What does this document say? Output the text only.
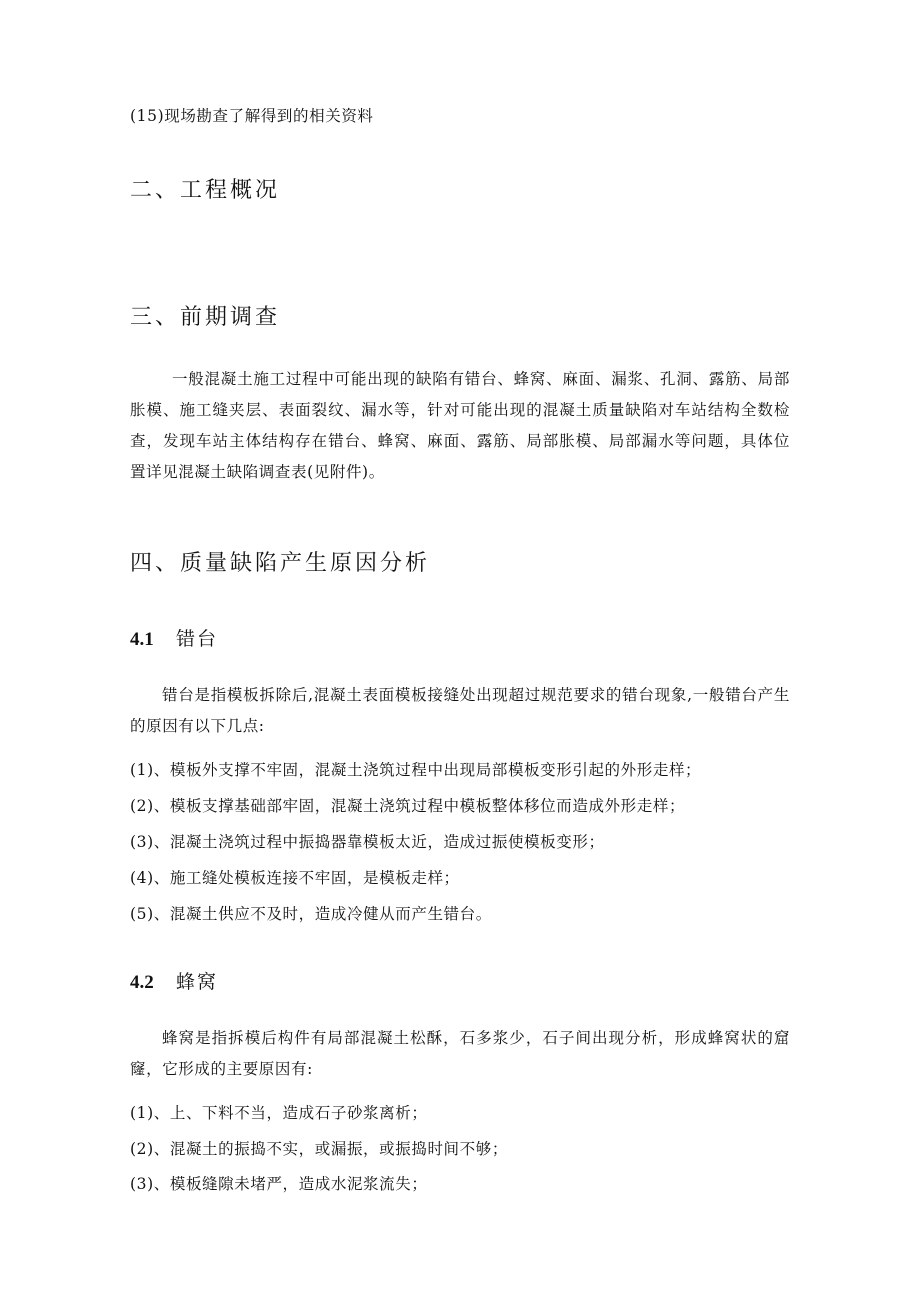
(15)现场勘查了解得到的相关资料
二、工程概况
三、前期调查
一般混凝土施工过程中可能出现的缺陷有错台、蜂窝、麻面、漏浆、孔洞、露筋、局部胀模、施工缝夹层、表面裂纹、漏水等，针对可能出现的混凝土质量缺陷对车站结构全数检查，发现车站主体结构存在错台、蜂窝、麻面、露筋、局部胀模、局部漏水等问题，具体位置详见混凝土缺陷调查表(见附件)。
四、质量缺陷产生原因分析
4.1 错台
错台是指模板拆除后,混凝土表面模板接缝处出现超过规范要求的错台现象,一般错台产生的原因有以下几点:
(1)、模板外支撑不牢固，混凝土浇筑过程中出现局部模板变形引起的外形走样；
(2)、模板支撑基础部牢固，混凝土浇筑过程中模板整体移位而造成外形走样；
(3)、混凝土浇筑过程中振捣器靠模板太近，造成过振使模板变形；
(4)、施工缝处模板连接不牢固，是模板走样；
(5)、混凝土供应不及时，造成冷健从而产生错台。
4.2 蜂窝
蜂窝是指拆模后构件有局部混凝土松酥，石多浆少，石子间出现分析，形成蜂窝状的窟窿，它形成的主要原因有:
(1)、上、下料不当，造成石子砂浆离析；
(2)、混凝土的振捣不实，或漏振，或振捣时间不够；
(3)、模板缝隙未堵严，造成水泥浆流失；
